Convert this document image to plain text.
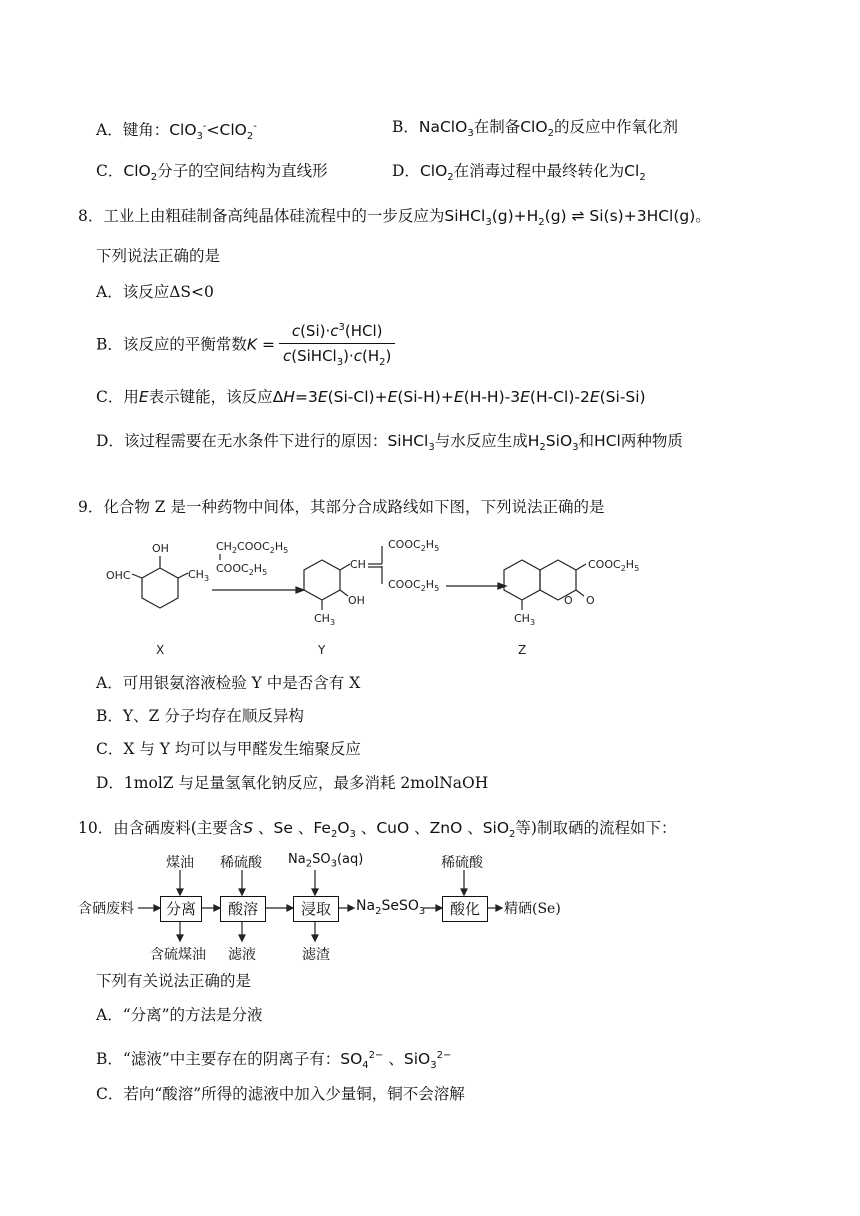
A．键角：ClO$_3$-<ClO$_2$-	B．NaClO$_3$在制备ClO$_2$的反应中作氧化剂
C．ClO$_2$分子的空间结构为直线形	D．ClO$_2$在消毒过程中最终转化为$Cl_2$
8．工业上由粗硅制备高纯晶体硅流程中的一步反应为$SiHCl_3(g)+H_2(g)$ ⇌ Si(s)+3HCl(g)。
下列说法正确的是
A．该反应ΔS<0
B．该反应的平衡常数$K = \frac{c(Si)\cdot c^3(HCl)}{c(SiHCl_3)\cdot c(H_2)}$
C．用E表示键能，该反应ΔH=3E(Si-Cl)+E(Si-H)+E(H-H)-3E(H-Cl)-2E(Si-Si)
D．该过程需要在无水条件下进行的原因：SiHCl$_3$与水反应生成$H_2SiO_3$和HCl两种物质
9．化合物 Z 是一种药物中间体，其部分合成路线如下图，下列说法正确的是
OH
OHC	$CH_3$
$CH_2COOC_2H_5$
$COOC_2H_5$
CH
$COOC_2H_5$
$COOC_2H_5$
OH
$CH_3$
$COOC_2H_5$
O
O
$CH_3$
X	Y	Z
A．可用银氨溶液检验 Y 中是否含有 X
B．Y、Z 分子均存在顺反异构
C．X 与 Y 均可以与甲醛发生缩聚反应
D．1molZ 与足量氢氧化钠反应，最多消耗 2molNaOH
10．由含硒废料(主要含S 、Se 、$Fe_2O_3$ 、CuO 、ZnO 、SiO$_2$等)制取硒的流程如下：
含硒废料	分离	酸溶	浸取	$Na_2SeSO_3$	酸化	精硒(Se)
煤油 稀硫酸 $Na_2SO_3(aq)$	稀硫酸
含硫煤油 滤液	滤渣
下列有关说法正确的是
A．“分离”的方法是分液
B．“滤液”中主要存在的阴离子有：$SO_4^{2-}$ 、SiO$_3^{2-}$
C．若向“酸溶”所得的滤液中加入少量铜，铜不会溶解
